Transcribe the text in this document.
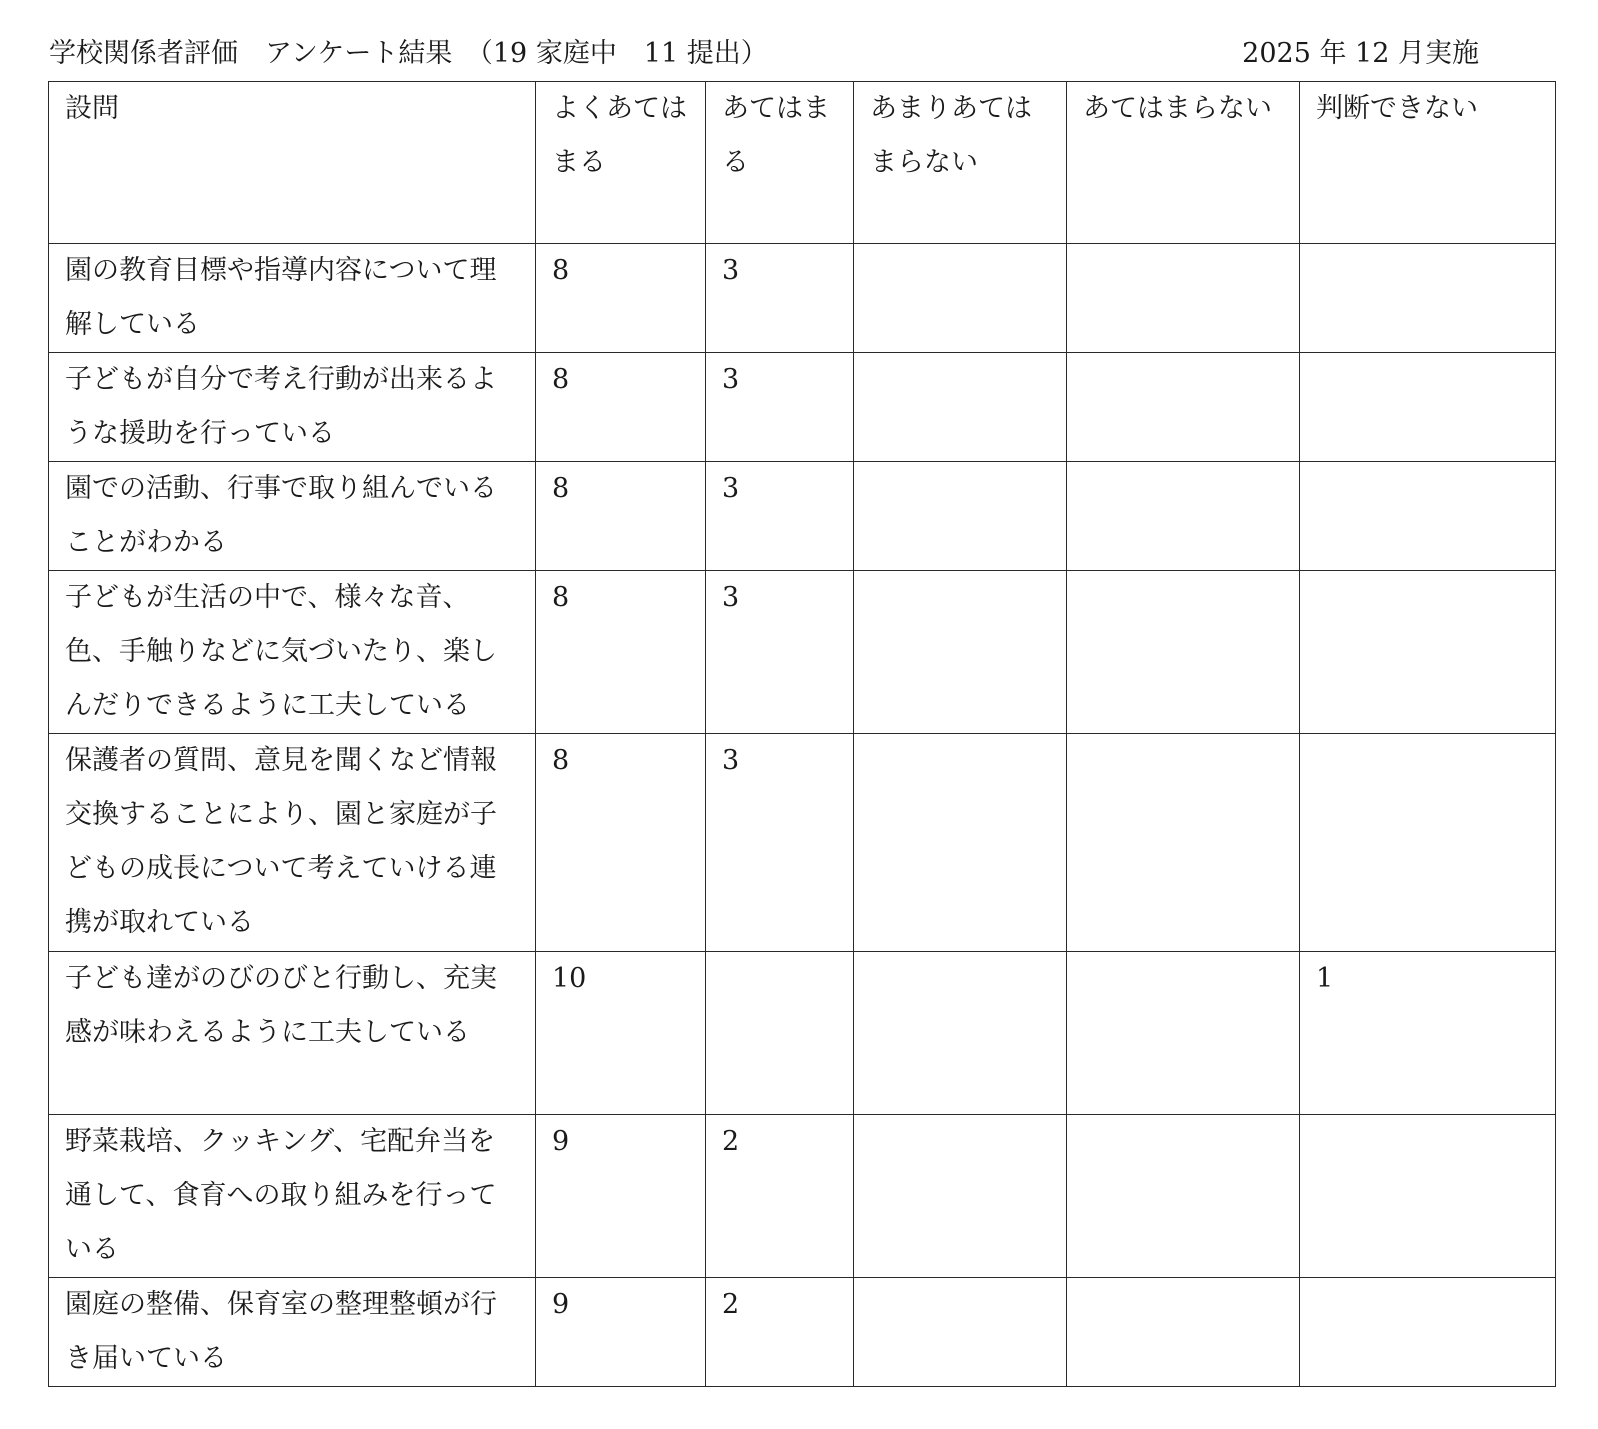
学校関係者評価　アンケート結果　（19 家庭中　11 提出）	2025 年 12 月実施
設問	よくあてはまる	あてはまる	あまりあてはまらない	あてはまらない	判断できない
園の教育目標や指導内容について理解している	8	3			
子どもが自分で考え行動が出来るような援助を行っている	8	3			
園での活動、行事で取り組んでいることがわかる	8	3			
子どもが生活の中で、様々な音、色、手触りなどに気づいたり、楽しんだりできるように工夫している	8	3			
保護者の質問、意見を聞くなど情報交換することにより、園と家庭が子どもの成長について考えていける連携が取れている	8	3			
子ども達がのびのびと行動し、充実感が味わえるように工夫している	10				1
野菜栽培、クッキング、宅配弁当を通して、食育への取り組みを行っている	9	2			
園庭の整備、保育室の整理整頓が行き届いている	9	2			
